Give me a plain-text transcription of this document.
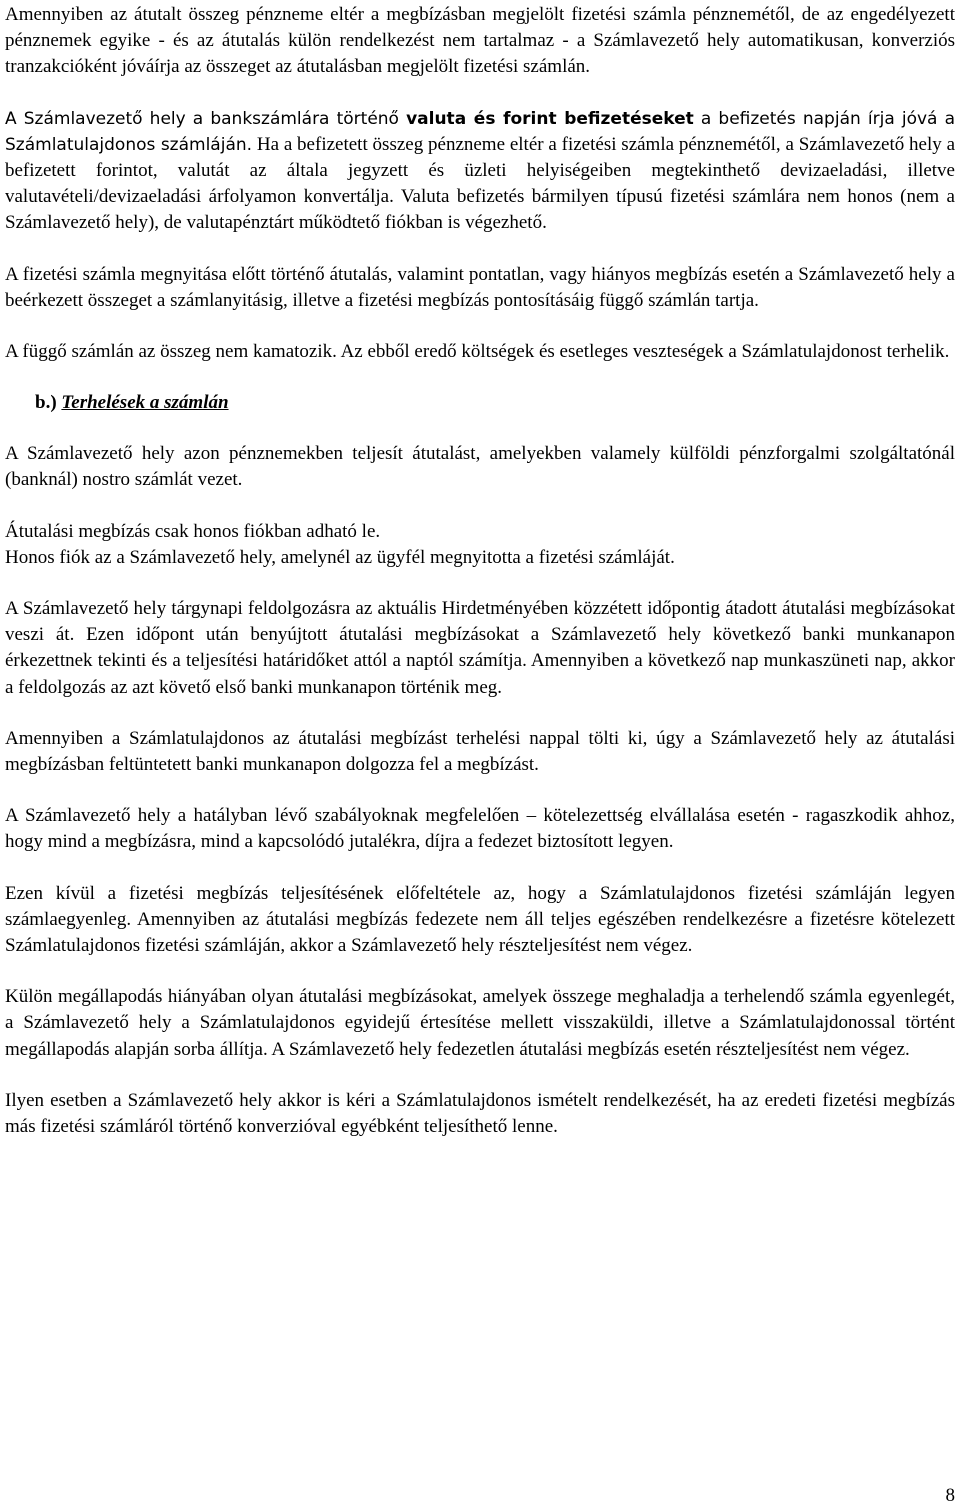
Amennyiben az átutalt összeg pénzneme eltér a megbízásban megjelölt fizetési számla pénznemétől, de az engedélyezett pénznemek egyike - és az átutalás külön rendelkezést nem tartalmaz - a Számlavezető hely automatikusan, konverziós tranzakcióként jóváírja az összeget az átutalásban megjelölt fizetési számlán.

A Számlavezető hely a bankszámlára történő valuta és forint befizetéseket a befizetés napján írja jóvá a Számlatulajdonos számláján. Ha a befizetett összeg pénzneme eltér a fizetési számla pénznemétől, a Számlavezető hely a befizetett forintot, valutát az általa jegyzett és üzleti helyiségeiben megtekinthető devizaeladási, illetve valutavételi/devizaeladási árfolyamon konvertálja. Valuta befizetés bármilyen típusú fizetési számlára nem honos (nem a Számlavezető hely), de valutapénztárt működtető fiókban is végezhető.

A fizetési számla megnyitása előtt történő átutalás, valamint pontatlan, vagy hiányos megbízás esetén a Számlavezető hely a beérkezett összeget a számlanyitásig, illetve a fizetési megbízás pontosításáig függő számlán tartja.

A függő számlán az összeg nem kamatozik. Az ebből eredő költségek és esetleges veszteségek a Számlatulajdonost terhelik.

b.) Terhelések a számlán

A Számlavezető hely azon pénznemekben teljesít átutalást, amelyekben valamely külföldi pénzforgalmi szolgáltatónál (banknál) nostro számlát vezet.

Átutalási megbízás csak honos fiókban adható le.

Honos fiók az a Számlavezető hely, amelynél az ügyfél megnyitotta a fizetési számláját.

A Számlavezető hely tárgynapi feldolgozásra az aktuális Hirdetményében közzétett időpontig átadott átutalási megbízásokat veszi át. Ezen időpont után benyújtott átutalási megbízásokat a Számlavezető hely következő banki munkanapon érkezettnek tekinti és a teljesítési határidőket attól a naptól számítja. Amennyiben a következő nap munkaszüneti nap, akkor a feldolgozás az azt követő első banki munkanapon történik meg.

Amennyiben a Számlatulajdonos az átutalási megbízást terhelési nappal tölti ki, úgy a Számlavezető hely az átutalási megbízásban feltüntetett banki munkanapon dolgozza fel a megbízást.

A Számlavezető hely a hatályban lévő szabályoknak megfelelően – kötelezettség elvállalása esetén - ragaszkodik ahhoz, hogy mind a megbízásra, mind a kapcsolódó jutalékra, díjra a fedezet biztosított legyen.

Ezen kívül a fizetési megbízás teljesítésének előfeltétele az, hogy a Számlatulajdonos fizetési számláján legyen számlaegyenleg. Amennyiben az átutalási megbízás fedezete nem áll teljes egészében rendelkezésre a fizetésre kötelezett Számlatulajdonos fizetési számláján, akkor a Számlavezető hely részteljesítést nem végez.

Külön megállapodás hiányában olyan átutalási megbízásokat, amelyek összege meghaladja a terhelendő számla egyenlegét, a Számlavezető hely a Számlatulajdonos egyidejű értesítése mellett visszaküldi, illetve a Számlatulajdonossal történt megállapodás alapján sorba állítja. A Számlavezető hely fedezetlen átutalási megbízás esetén részteljesítést nem végez.

Ilyen esetben a Számlavezető hely akkor is kéri a Számlatulajdonos ismételt rendelkezését, ha az eredeti fizetési megbízás más fizetési számláról történő konverzióval egyébként teljesíthető lenne.

8
